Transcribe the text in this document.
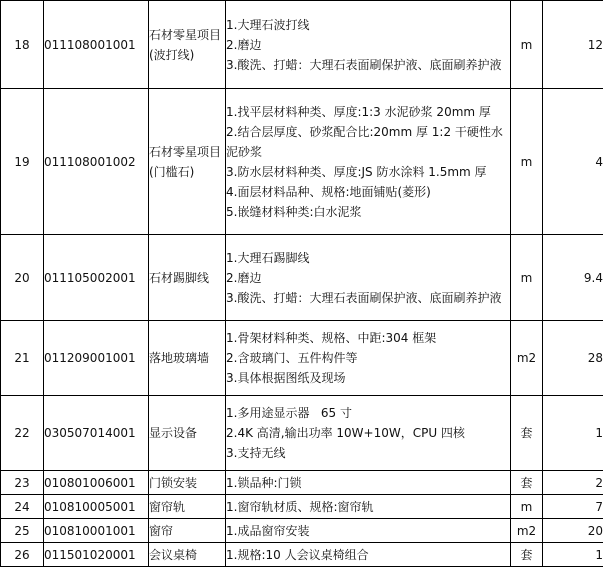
18	011108001001	石材零星项目(波打线)	1.大理石波打线
2.磨边
3.酸洗、打蜡：大理石表面刷保护液、底面刷养护液	m	12
19	011108001002	石材零星项目(门槛石)	1.找平层材料种类、厚度:1:3 水泥砂浆 20mm 厚
2.结合层厚度、砂浆配合比:20mm 厚 1:2 干硬性水泥砂浆
3.防水层材料种类、厚度:JS 防水涂料 1.5mm 厚
4.面层材料品种、规格:地面铺贴(菱形)
5.嵌缝材料种类:白水泥浆	m	4
20	011105002001	石材踢脚线	1.大理石踢脚线
2.磨边
3.酸洗、打蜡：大理石表面刷保护液、底面刷养护液	m	9.4
21	011209001001	落地玻璃墙	1.骨架材料种类、规格、中距:304 框架
2.含玻璃门、五件构件等
3.具体根据图纸及现场	m2	28
22	030507014001	显示设备	1.多用途显示器   65 寸
2.4K 高清,输出功率 10W+10W，CPU 四核
3.支持无线	套	1
23	010801006001	门锁安装	1.锁品种:门锁	套	2
24	010810005001	窗帘轨	1.窗帘轨材质、规格:窗帘轨	m	7
25	010810001001	窗帘	1.成品窗帘安装	m2	20
26	011501020001	会议桌椅	1.规格:10 人会议桌椅组合	套	1
